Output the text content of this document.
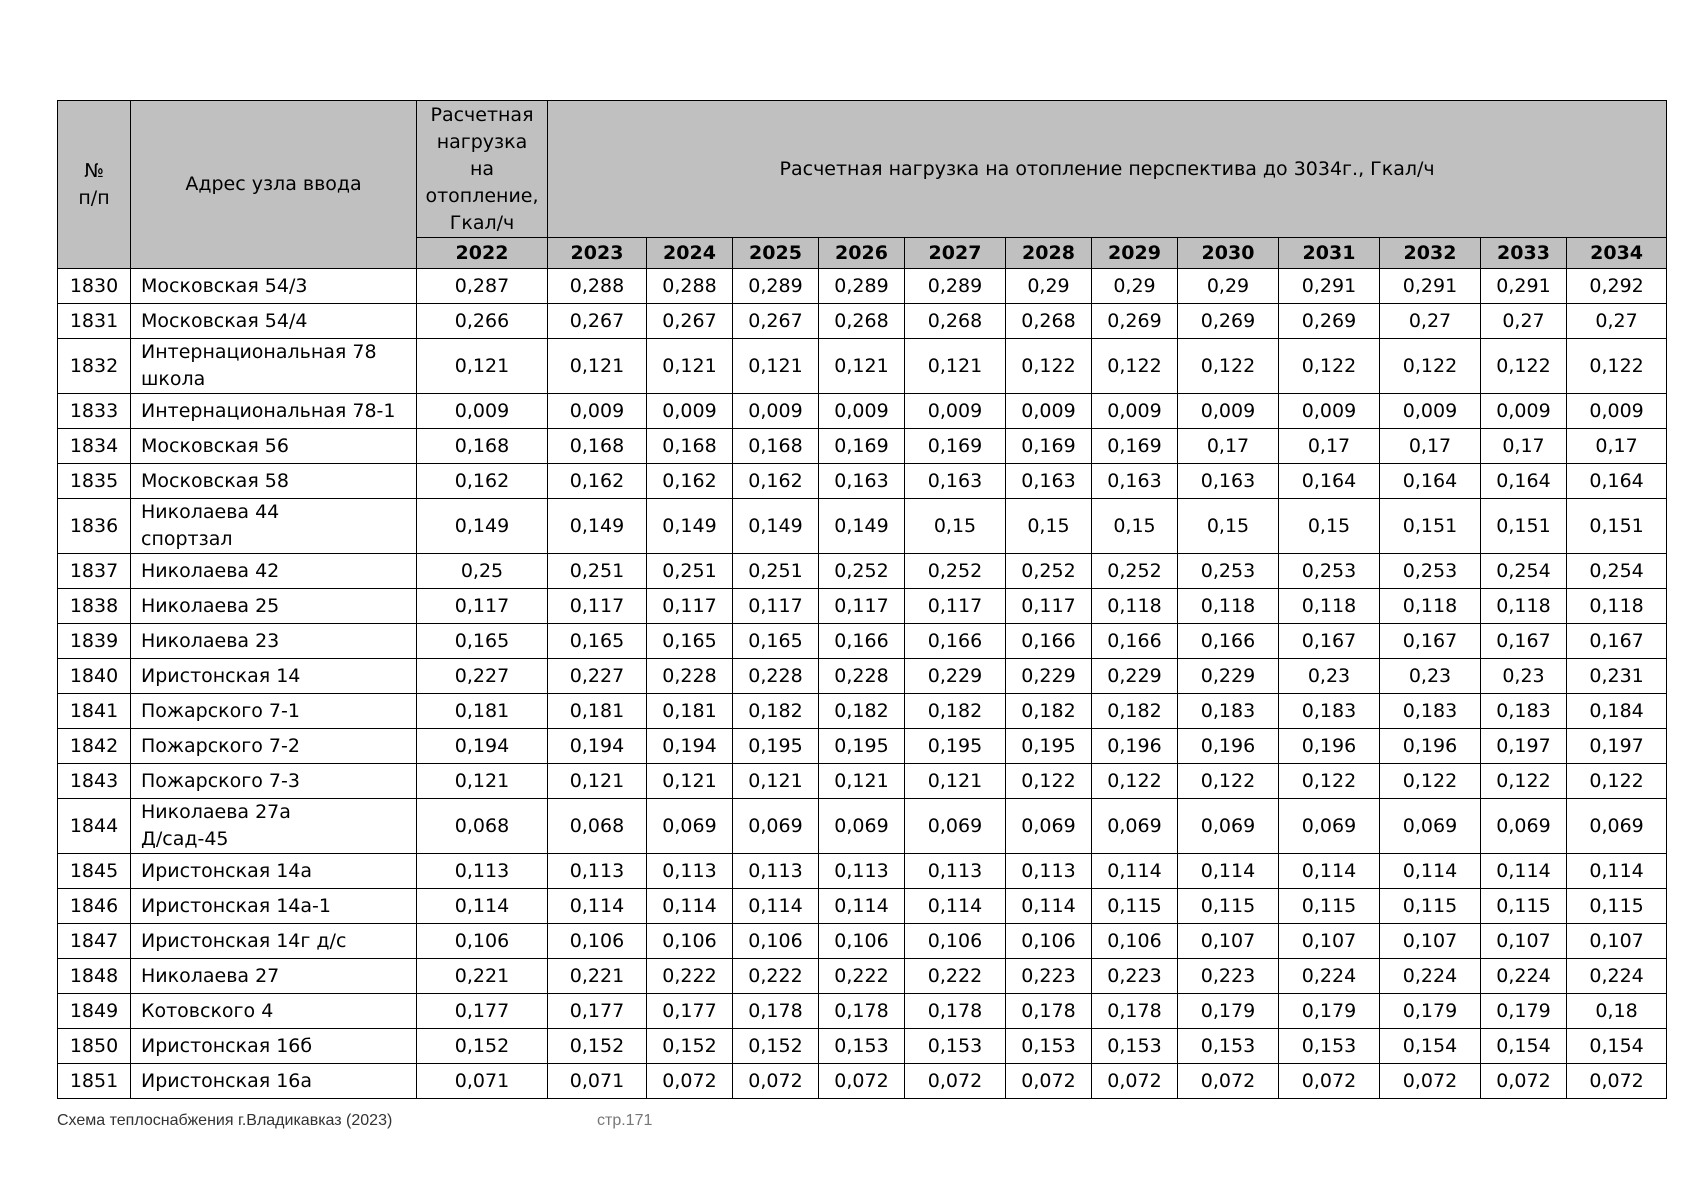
№
п/п	Адрес узла ввода	Расчетная
нагрузка
на
отопление,
Гкал/ч	Расчетная нагрузка на отопление перспектива до 3034г., Гкал/ч											
		2022	2023	2024	2025	2026	2027	2028	2029	2030	2031	2032	2033	2034
1830	Московская 54/3	0,287	0,288	0,288	0,289	0,289	0,289	0,29	0,29	0,29	0,291	0,291	0,291	0,292
1831	Московская 54/4	0,266	0,267	0,267	0,267	0,268	0,268	0,268	0,269	0,269	0,269	0,27	0,27	0,27
1832	Интернациональная 78
школа	0,121	0,121	0,121	0,121	0,121	0,121	0,122	0,122	0,122	0,122	0,122	0,122	0,122
1833	Интернациональная 78-1	0,009	0,009	0,009	0,009	0,009	0,009	0,009	0,009	0,009	0,009	0,009	0,009	0,009
1834	Московская 56	0,168	0,168	0,168	0,168	0,169	0,169	0,169	0,169	0,17	0,17	0,17	0,17	0,17
1835	Московская 58	0,162	0,162	0,162	0,162	0,163	0,163	0,163	0,163	0,163	0,164	0,164	0,164	0,164
1836	Николаева 44
спортзал	0,149	0,149	0,149	0,149	0,149	0,15	0,15	0,15	0,15	0,15	0,151	0,151	0,151
1837	Николаева 42	0,25	0,251	0,251	0,251	0,252	0,252	0,252	0,252	0,253	0,253	0,253	0,254	0,254
1838	Николаева 25	0,117	0,117	0,117	0,117	0,117	0,117	0,117	0,118	0,118	0,118	0,118	0,118	0,118
1839	Николаева 23	0,165	0,165	0,165	0,165	0,166	0,166	0,166	0,166	0,166	0,167	0,167	0,167	0,167
1840	Иристонская 14	0,227	0,227	0,228	0,228	0,228	0,229	0,229	0,229	0,229	0,23	0,23	0,23	0,231
1841	Пожарского 7-1	0,181	0,181	0,181	0,182	0,182	0,182	0,182	0,182	0,183	0,183	0,183	0,183	0,184
1842	Пожарского 7-2	0,194	0,194	0,194	0,195	0,195	0,195	0,195	0,196	0,196	0,196	0,196	0,197	0,197
1843	Пожарского 7-3	0,121	0,121	0,121	0,121	0,121	0,121	0,122	0,122	0,122	0,122	0,122	0,122	0,122
1844	Николаева 27а
Д/сад-45	0,068	0,068	0,069	0,069	0,069	0,069	0,069	0,069	0,069	0,069	0,069	0,069	0,069
1845	Иристонская 14а	0,113	0,113	0,113	0,113	0,113	0,113	0,113	0,114	0,114	0,114	0,114	0,114	0,114
1846	Иристонская 14а-1	0,114	0,114	0,114	0,114	0,114	0,114	0,114	0,115	0,115	0,115	0,115	0,115	0,115
1847	Иристонская 14г д/с	0,106	0,106	0,106	0,106	0,106	0,106	0,106	0,106	0,107	0,107	0,107	0,107	0,107
1848	Николаева 27	0,221	0,221	0,222	0,222	0,222	0,222	0,223	0,223	0,223	0,224	0,224	0,224	0,224
1849	Котовского 4	0,177	0,177	0,177	0,178	0,178	0,178	0,178	0,178	0,179	0,179	0,179	0,179	0,18
1850	Иристонская 16б	0,152	0,152	0,152	0,152	0,153	0,153	0,153	0,153	0,153	0,153	0,154	0,154	0,154
1851	Иристонская 16а	0,071	0,071	0,072	0,072	0,072	0,072	0,072	0,072	0,072	0,072	0,072	0,072	0,072
Схема теплоснабжения г.Владикавказ (2023)	стр.171
